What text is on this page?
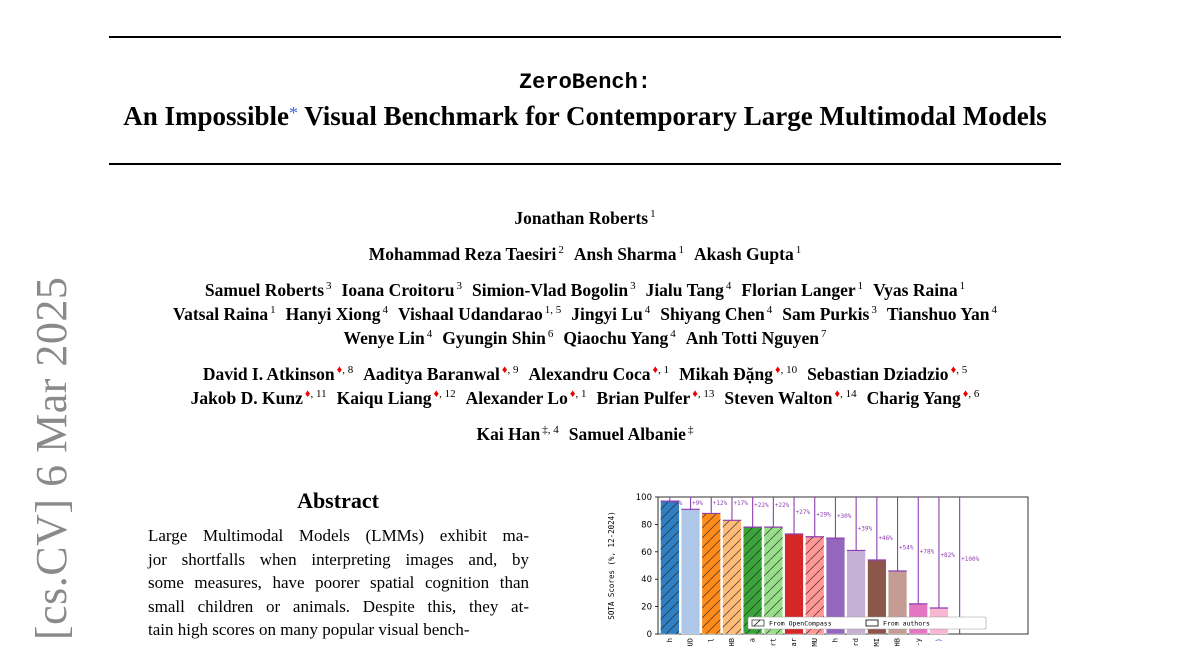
[cs.CV] 6 Mar 2025
ZeroBench:
An Impossible* Visual Benchmark for Contemporary Large Multimodal Models
Jonathan Roberts $^1$
Mohammad Reza Taesiri $^2$ Ansh Sharma $^1$ Akash Gupta $^1$
Samuel Roberts $^3$ Ioana Croitoru $^3$ Simion-Vlad Bogolin $^3$ Jialu Tang $^4$ Florian Langer $^1$ Vyas Raina $^1$
Vatsal Raina $^1$ Hanyi Xiong $^4$ Vishaal Udandarao $^{1, 5}$ Jingyi Lu $^4$ Shiyang Chen $^4$ Sam Purkis $^3$ Tianshuo Yan $^4$
Wenye Lin $^4$ Gyungin Shin $^6$ Qiaochu Yang $^4$ Anh Totti Nguyen $^7$
David I. Atkinson $^{♦, 8}$ Aaditya Baranwal $^{♦, 9}$ Alexandru Coca $^{♦, 1}$ Mikah Đặng $^{♦, 10}$ Sebastian Dziadzio $^{♦, 5}$
Jakob D. Kunz $^{♦, 11}$ Kaiqu Liang $^{♦, 12}$ Alexander Lo $^{♦, 1}$ Brian Pulfer $^{♦, 13}$ Steven Walton $^{♦, 14}$ Charig Yang $^{♦, 6}$
Kai Han $^{\ddagger, 4}$ Samuel Albanie ‡
Abstract
Large Multimodal Models (LMMs) exhibit ma-
jor shortfalls when interpreting images and, by
some measures, have poorer spatial cognition than
small children or animals. Despite this, they at-
tain high scores on many popular visual bench-	0
20
40
60
80
100
SOTA Scores (%, 12-2024)
+3%
h
+9%
UD
+12%
l
+17%
HB
+22%
a
+22%
rt
+27%
ar
+29%
MU
+30%
h
+39%
rd
+46%
MI
+54%
HB
+78%
-y
+82%
)
+100%
From OpenCompass	From authors
